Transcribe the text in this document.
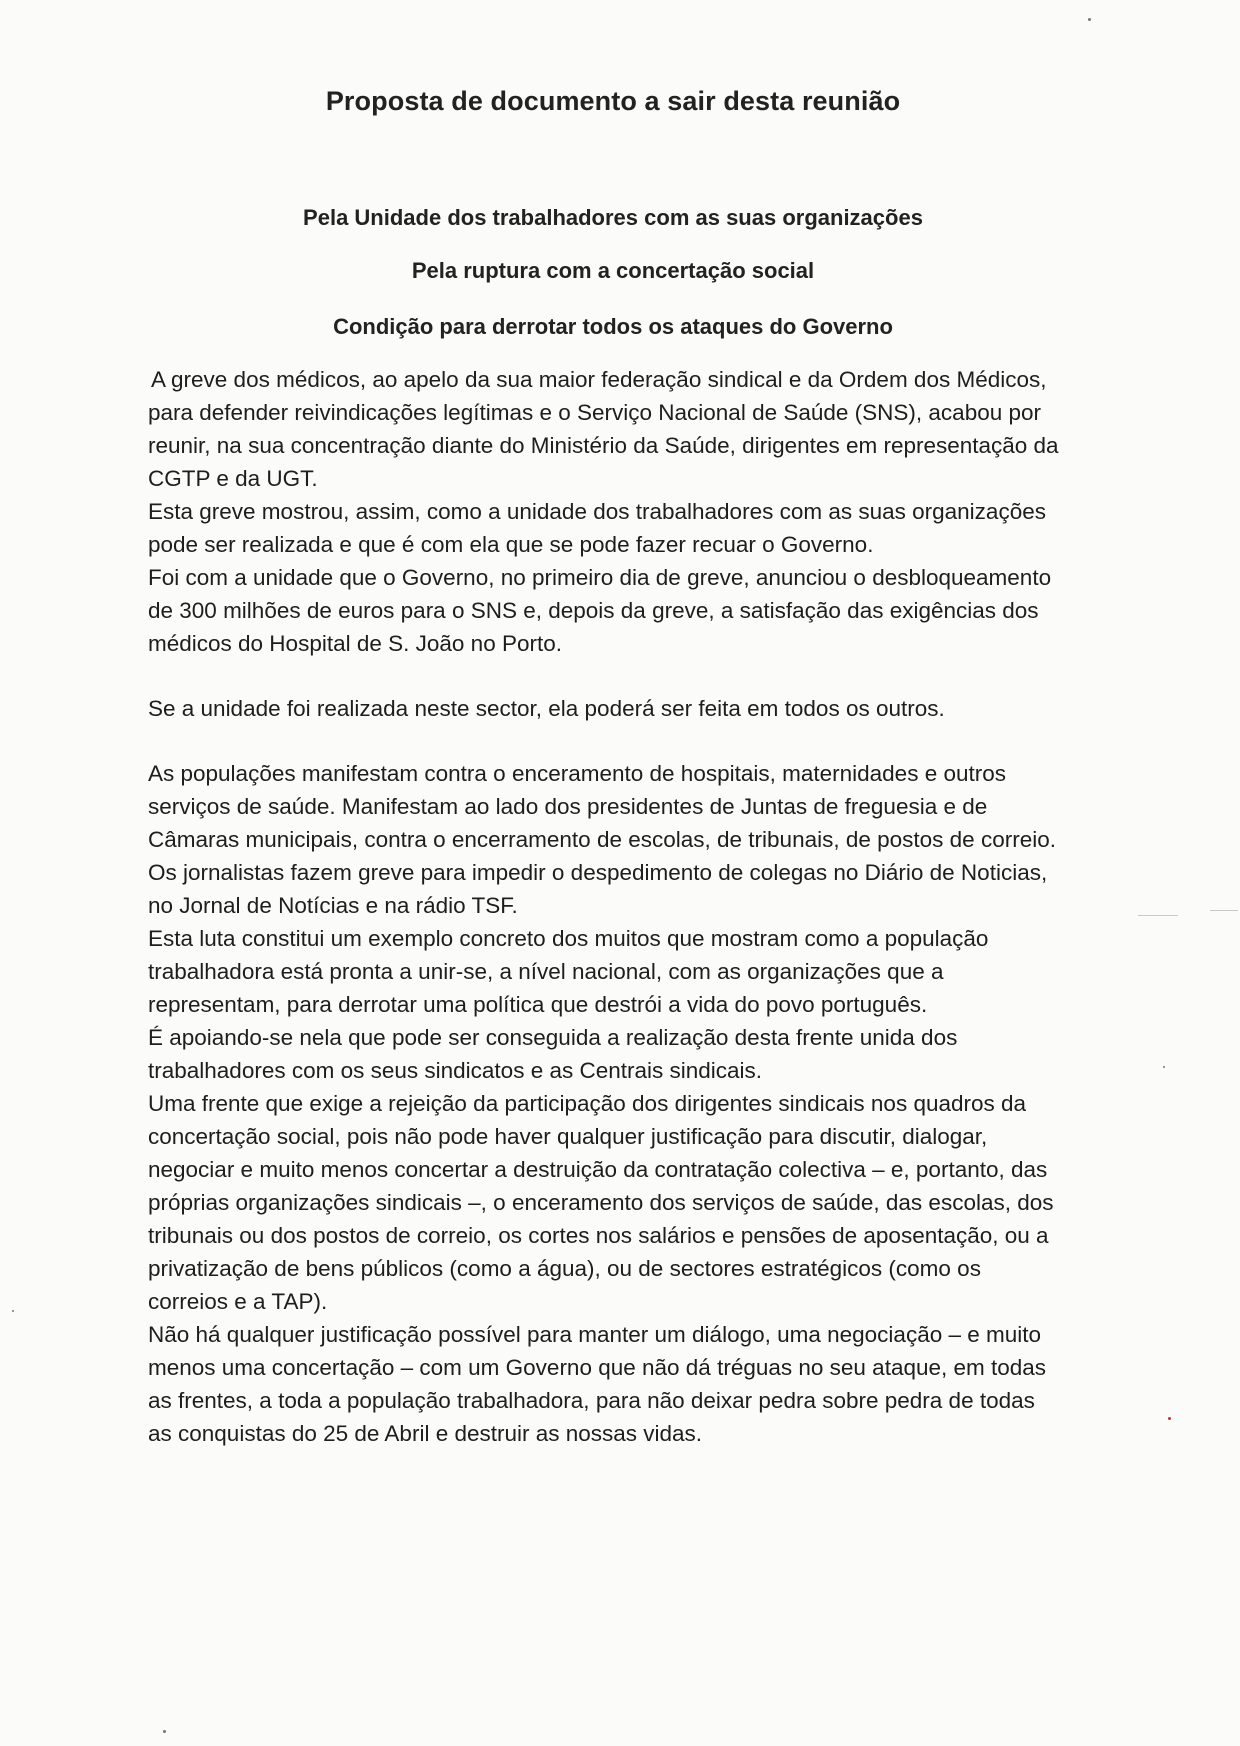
Proposta de documento a sair desta reunião
Pela Unidade dos trabalhadores com as suas organizações
Pela ruptura com a concertação social
Condição para derrotar todos os ataques do Governo
A greve dos médicos, ao apelo da sua maior federação sindical e da Ordem dos Médicos,
para defender reivindicações legítimas e o Serviço Nacional de Saúde (SNS), acabou por
reunir, na sua concentração diante do Ministério da Saúde, dirigentes em representação da
CGTP e da UGT.
Esta greve mostrou, assim, como a unidade dos trabalhadores com as suas organizações
pode ser realizada e que é com ela que se pode fazer recuar o Governo.
Foi com a unidade que o Governo, no primeiro dia de greve, anunciou o desbloqueamento
de 300 milhões de euros para o SNS e, depois da greve, a satisfação das exigências dos
médicos do Hospital de S. João no Porto.
Se a unidade foi realizada neste sector, ela poderá ser feita em todos os outros.
As populações manifestam contra o enceramento de hospitais, maternidades e outros
serviços de saúde. Manifestam ao lado dos presidentes de Juntas de freguesia e de
Câmaras municipais, contra o encerramento de escolas, de tribunais, de postos de correio.
Os jornalistas fazem greve para impedir o despedimento de colegas no Diário de Noticias,
no Jornal de Notícias e na rádio TSF.
Esta luta constitui um exemplo concreto dos muitos que mostram como a população
trabalhadora está pronta a unir-se, a nível nacional, com as organizações que a
representam, para derrotar uma política que destrói a vida do povo português.
É apoiando-se nela que pode ser conseguida a realização desta frente unida dos
trabalhadores com os seus sindicatos e as Centrais sindicais.
Uma frente que exige a rejeição da participação dos dirigentes sindicais nos quadros da
concertação social, pois não pode haver qualquer justificação para discutir, dialogar,
negociar e muito menos concertar a destruição da contratação colectiva – e, portanto, das
próprias organizações sindicais –, o enceramento dos serviços de saúde, das escolas, dos
tribunais ou dos postos de correio, os cortes nos salários e pensões de aposentação, ou a
privatização de bens públicos (como a água), ou de sectores estratégicos (como os
correios e a TAP).
Não há qualquer justificação possível para manter um diálogo, uma negociação – e muito
menos uma concertação – com um Governo que não dá tréguas no seu ataque, em todas
as frentes, a toda a população trabalhadora, para não deixar pedra sobre pedra de todas
as conquistas do 25 de Abril e destruir as nossas vidas.
